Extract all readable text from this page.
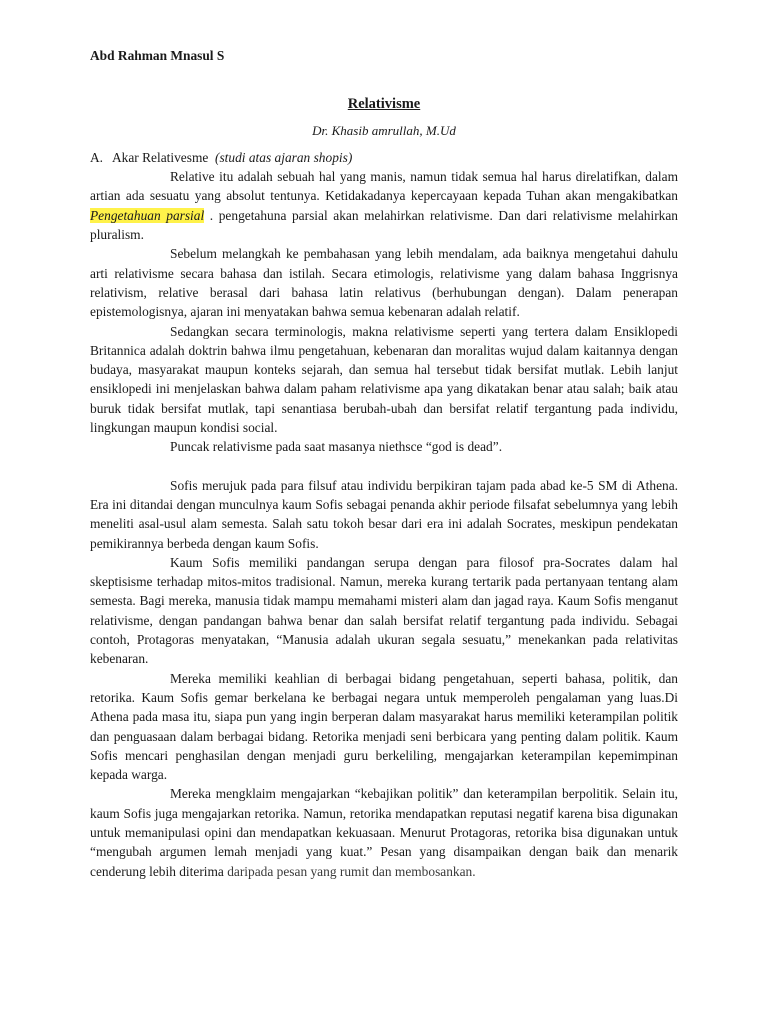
Abd Rahman Mnasul S
Relativisme
Dr. Khasib amrullah, M.Ud
A. Akar Relativesme (studi atas ajaran shopis)

Relative itu adalah sebuah hal yang manis, namun tidak semua hal harus direlatifkan, dalam artian ada sesuatu yang absolut tentunya. Ketidakadanya kepercayaan kepada Tuhan akan mengakibatkan Pengetahuan parsial . pengetahuna parsial akan melahirkan relativisme. Dan dari relativisme melahirkan pluralism.

Sebelum melangkah ke pembahasan yang lebih mendalam, ada baiknya mengetahui dahulu arti relativisme secara bahasa dan istilah. Secara etimologis, relativisme yang dalam bahasa Inggrisnya relativism, relative berasal dari bahasa latin relativus (berhubungan dengan). Dalam penerapan epistemologisnya, ajaran ini menyatakan bahwa semua kebenaran adalah relatif.

Sedangkan secara terminologis, makna relativisme seperti yang tertera dalam Ensiklopedi Britannica adalah doktrin bahwa ilmu pengetahuan, kebenaran dan moralitas wujud dalam kaitannya dengan budaya, masyarakat maupun konteks sejarah, dan semua hal tersebut tidak bersifat mutlak. Lebih lanjut ensiklopedi ini menjelaskan bahwa dalam paham relativisme apa yang dikatakan benar atau salah; baik atau buruk tidak bersifat mutlak, tapi senantiasa berubah-ubah dan bersifat relatif tergantung pada individu, lingkungan maupun kondisi social.

Puncak relativisme pada saat masanya niethsce “god is dead”.

Sofis merujuk pada para filsuf atau individu berpikiran tajam pada abad ke-5 SM di Athena. Era ini ditandai dengan munculnya kaum Sofis sebagai penanda akhir periode filsafat sebelumnya yang lebih meneliti asal-usul alam semesta. Salah satu tokoh besar dari era ini adalah Socrates, meskipun pendekatan pemikirannya berbeda dengan kaum Sofis.

Kaum Sofis memiliki pandangan serupa dengan para filosof pra-Socrates dalam hal skeptisisme terhadap mitos-mitos tradisional. Namun, mereka kurang tertarik pada pertanyaan tentang alam semesta. Bagi mereka, manusia tidak mampu memahami misteri alam dan jagad raya. Kaum Sofis menganut relativisme, dengan pandangan bahwa benar dan salah bersifat relatif tergantung pada individu. Sebagai contoh, Protagoras menyatakan, “Manusia adalah ukuran segala sesuatu,” menekankan pada relativitas kebenaran.

Mereka memiliki keahlian di berbagai bidang pengetahuan, seperti bahasa, politik, dan retorika. Kaum Sofis gemar berkelana ke berbagai negara untuk memperoleh pengalaman yang luas.Di Athena pada masa itu, siapa pun yang ingin berperan dalam masyarakat harus memiliki keterampilan politik dan penguasaan dalam berbagai bidang. Retorika menjadi seni berbicara yang penting dalam politik. Kaum Sofis mencari penghasilan dengan menjadi guru berkeliling, mengajarkan keterampilan kepemimpinan kepada warga.

Mereka mengklaim mengajarkan “kebajikan politik” dan keterampilan berpolitik. Selain itu, kaum Sofis juga mengajarkan retorika. Namun, retorika mendapatkan reputasi negatif karena bisa digunakan untuk memanipulasi opini dan mendapatkan kekuasaan. Menurut Protagoras, retorika bisa digunakan untuk “mengubah argumen lemah menjadi yang kuat.” Pesan yang disampaikan dengan baik dan menarik cenderung lebih diterima daripada pesan yang rumit dan membosankan.
